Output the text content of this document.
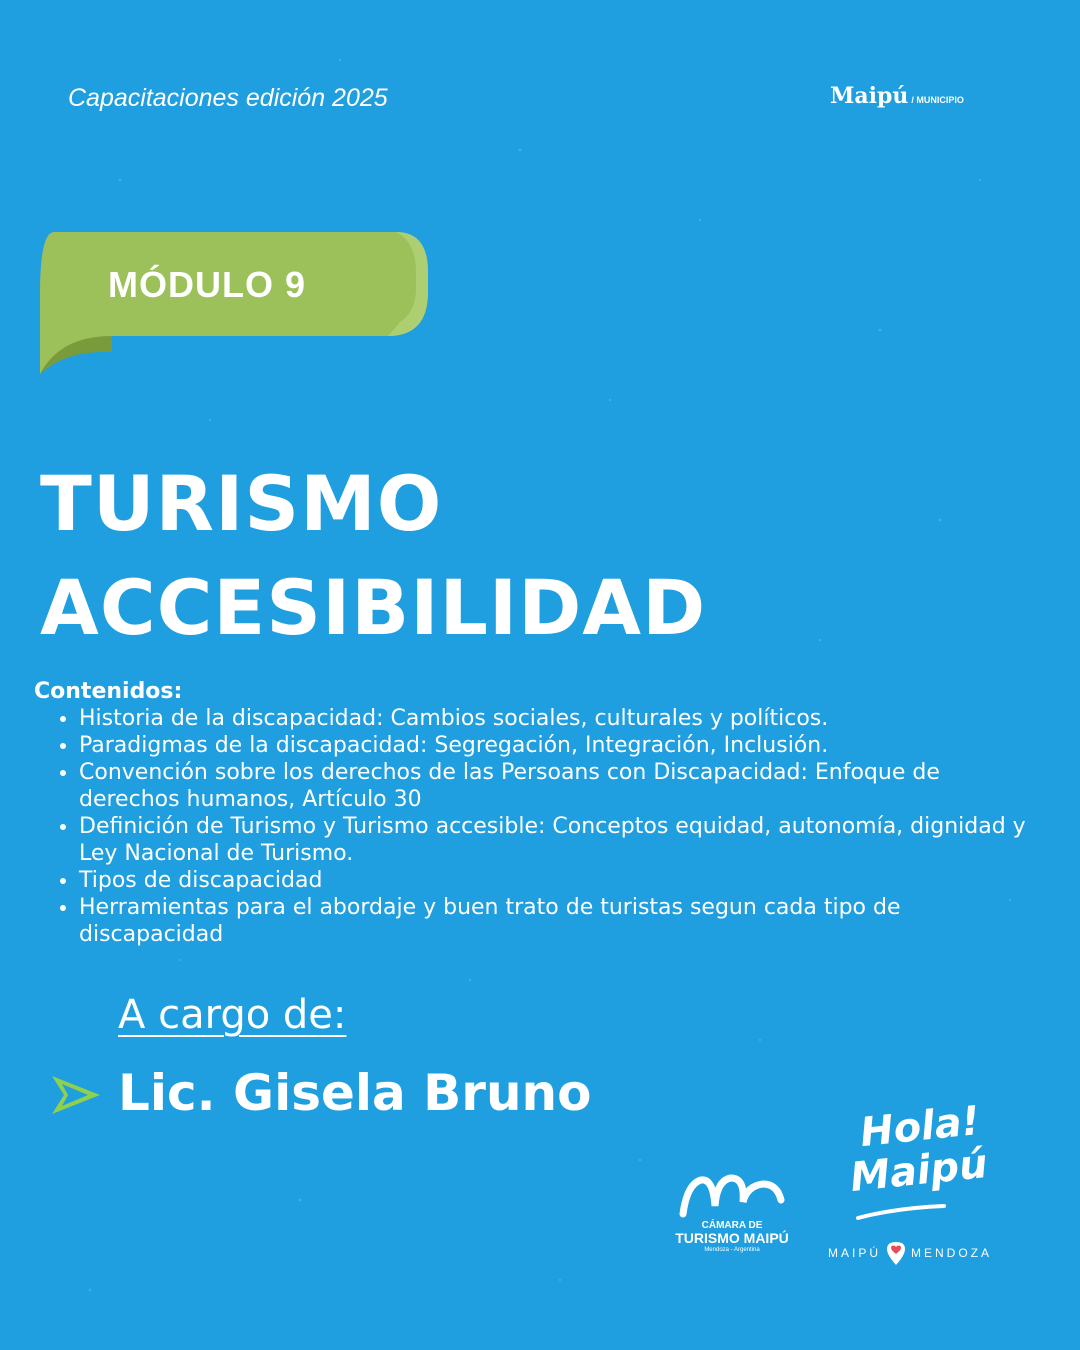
Capacitaciones edición 2025	Maipú / MUNICIPIO
MÓDULO 9
TURISMO
ACCESIBILIDAD
Contenidos:
• Historia de la discapacidad: Cambios sociales, culturales y políticos.
• Paradigmas de la discapacidad: Segregación, Integración, Inclusión.
• Convención sobre los derechos de las Persoans con Discapacidad: Enfoque de derechos humanos, Artículo 30
• Definición de Turismo y Turismo accesible: Conceptos equidad, autonomía, dignidad y Ley Nacional de Turismo.
• Tipos de discapacidad
• Herramientas para el abordaje y buen trato de turistas segun cada tipo de discapacidad
A cargo de:
Lic. Gisela Bruno
CÁMARA DE
TURISMO MAIPÚ
Mendoza - Argentina
Hola!
Maipú
MAIPÚ	MENDOZA
